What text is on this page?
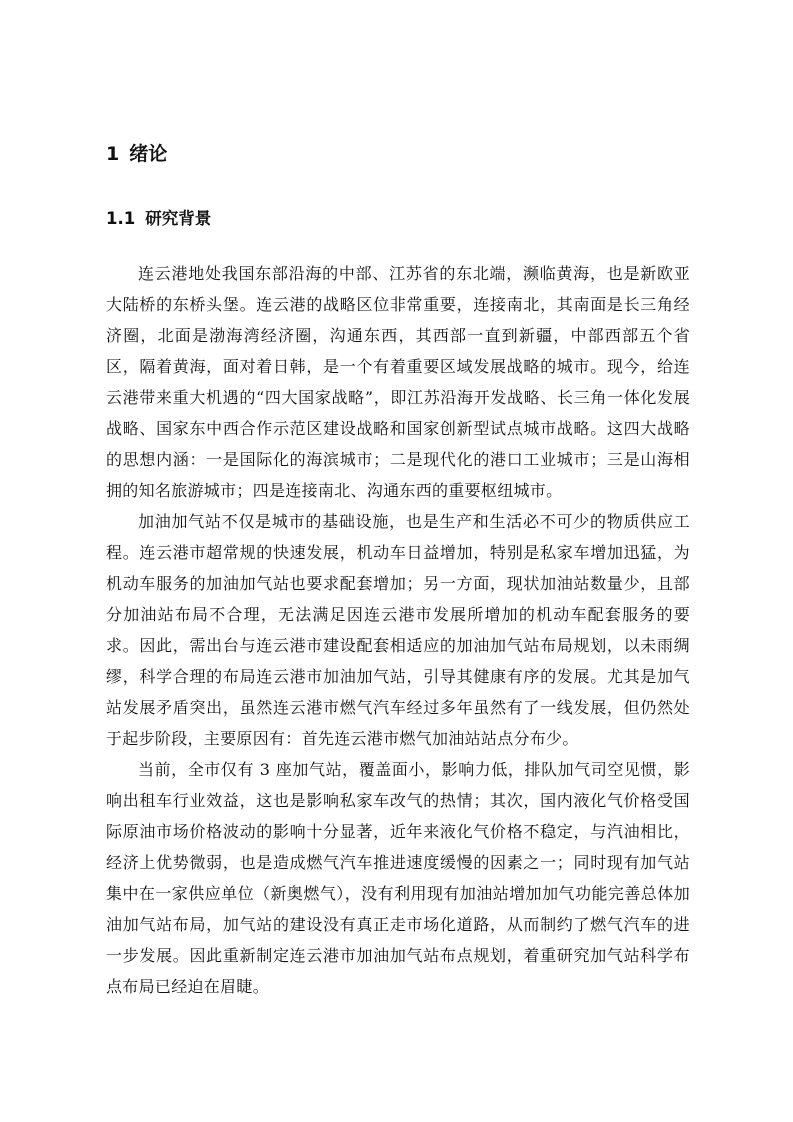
1 绪论
1.1 研究背景

连云港地处我国东部沿海的中部、江苏省的东北端，濒临黄海，也是新欧亚大陆桥的东桥头堡。连云港的战略区位非常重要，连接南北，其南面是长三角经济圈，北面是渤海湾经济圈，沟通东西，其西部一直到新疆，中部西部五个省区，隔着黄海，面对着日韩，是一个有着重要区域发展战略的城市。现今，给连云港带来重大机遇的“四大国家战略”，即江苏沿海开发战略、长三角一体化发展战略、国家东中西合作示范区建设战略和国家创新型试点城市战略。这四大战略的思想内涵：一是国际化的海滨城市；二是现代化的港口工业城市；三是山海相拥的知名旅游城市；四是连接南北、沟通东西的重要枢纽城市。

加油加气站不仅是城市的基础设施，也是生产和生活必不可少的物质供应工程。连云港市超常规的快速发展，机动车日益增加，特别是私家车增加迅猛，为机动车服务的加油加气站也要求配套增加；另一方面，现状加油站数量少，且部分加油站布局不合理，无法满足因连云港市发展所增加的机动车配套服务的要求。因此，需出台与连云港市建设配套相适应的加油加气站布局规划，以未雨绸缪，科学合理的布局连云港市加油加气站，引导其健康有序的发展。尤其是加气站发展矛盾突出，虽然连云港市燃气汽车经过多年虽然有了一线发展，但仍然处于起步阶段，主要原因有：首先连云港市燃气加油站站点分布少。

当前，全市仅有 3 座加气站，覆盖面小，影响力低，排队加气司空见惯，影响出租车行业效益，这也是影响私家车改气的热情；其次，国内液化气价格受国际原油市场价格波动的影响十分显著，近年来液化气价格不稳定，与汽油相比，经济上优势微弱，也是造成燃气汽车推进速度缓慢的因素之一；同时现有加气站集中在一家供应单位（新奥燃气），没有利用现有加油站增加加气功能完善总体加油加气站布局，加气站的建设没有真正走市场化道路，从而制约了燃气汽车的进一步发展。因此重新制定连云港市加油加气站布点规划，着重研究加气站科学布点布局已经迫在眉睫。
